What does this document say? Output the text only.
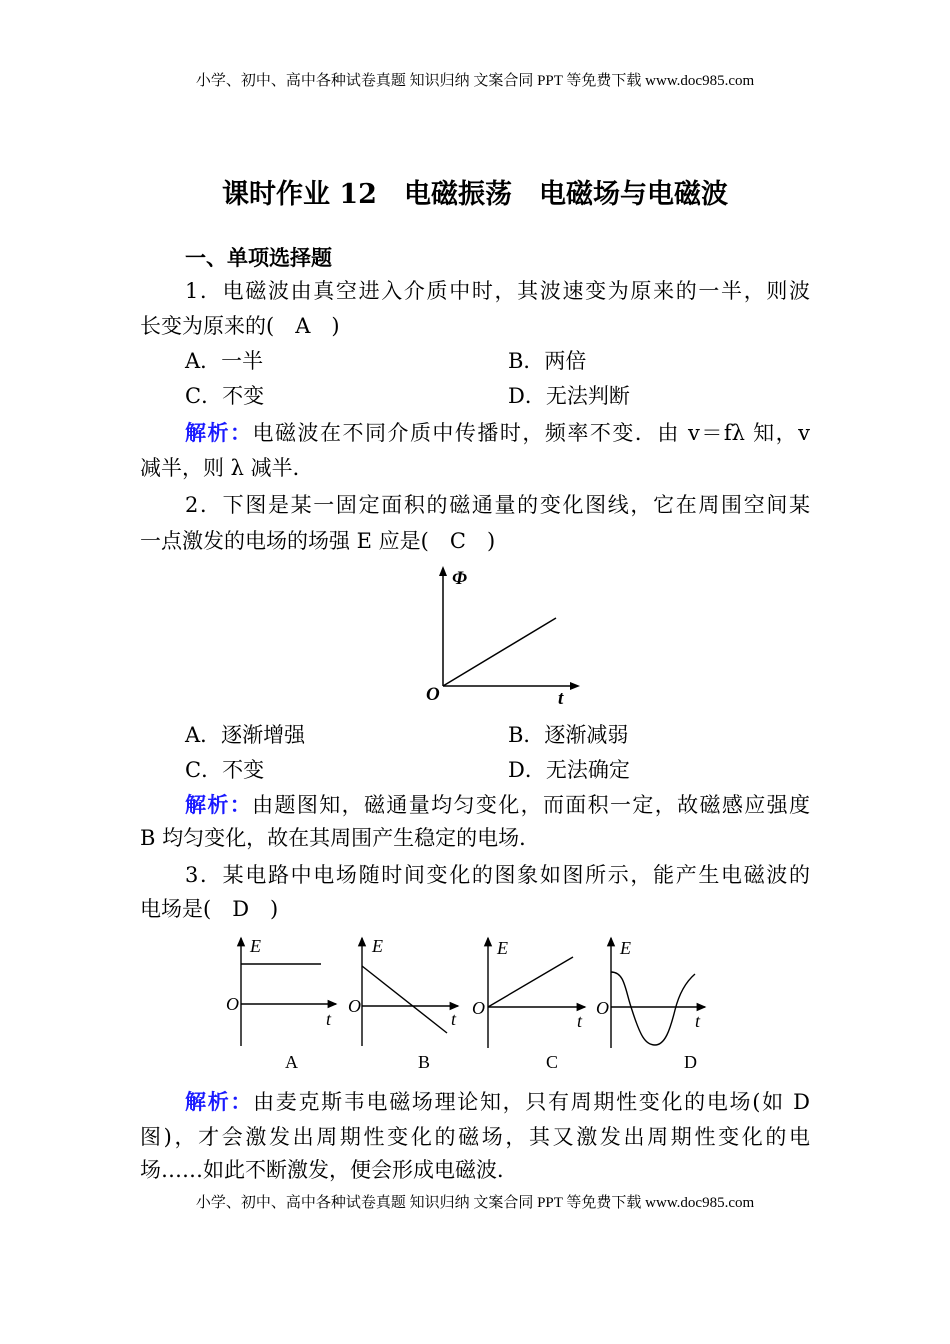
小学、初中、高中各种试卷真题 知识归纳 文案合同 PPT 等免费下载 www.doc985.com
课时作业 12　电磁振荡　电磁场与电磁波
一、单项选择题
1．电磁波由真空进入介质中时，其波速变为原来的一半，则波
长变为原来的(　A　)
A．一半	B．两倍
C．不变	D．无法判断
解析：电磁波在不同介质中传播时，频率不变．由 v＝fλ 知，v
减半，则 λ 减半．
2．下图是某一固定面积的磁通量的变化图线，它在周围空间某
一点激发的电场的场强 E 应是(　C　)
Φ
O	t
A．逐渐增强	B．逐渐减弱
C．不变	D．无法确定
解析：由题图知，磁通量均匀变化，而面积一定，故磁感应强度
B 均匀变化，故在其周围产生稳定的电场．
3．某电路中电场随时间变化的图象如图所示，能产生电磁波的
电场是(　D　)
E
O
t
A
E
O
t
B
E
O
t
C
E
O
t
D
解析：由麦克斯韦电磁场理论知，只有周期性变化的电场(如 D
图)，才会激发出周期性变化的磁场，其又激发出周期性变化的电
场……如此不断激发，便会形成电磁波．
小学、初中、高中各种试卷真题 知识归纳 文案合同 PPT 等免费下载 www.doc985.com
